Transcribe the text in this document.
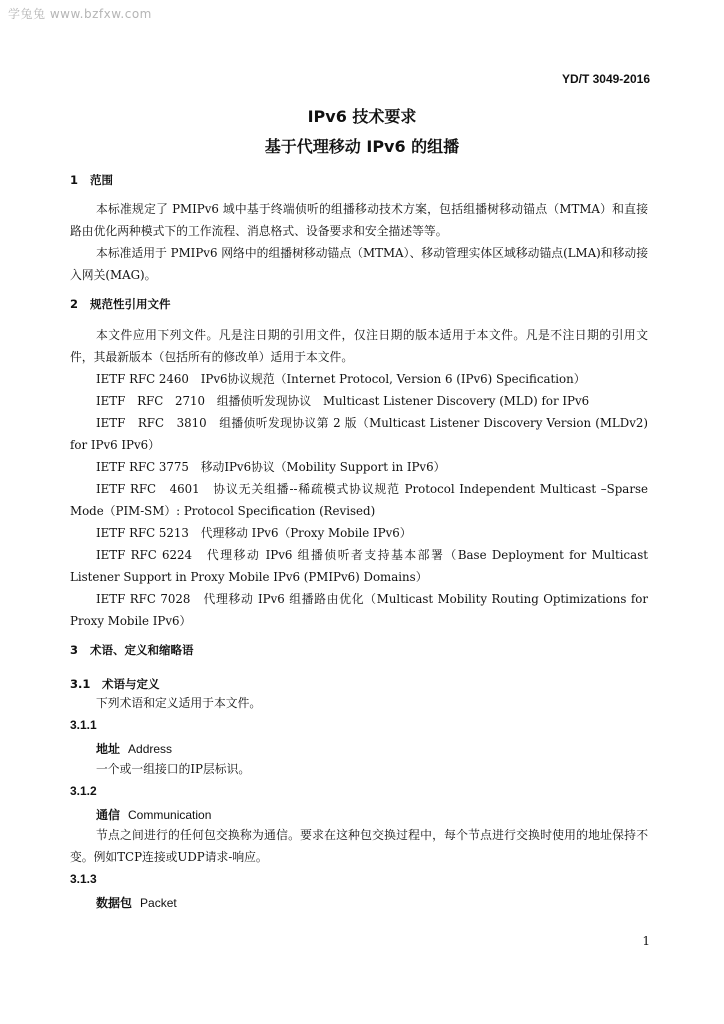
学兔兔 www.bzfxw.com
YD/T 3049-2016
IPv6 技术要求
基于代理移动 IPv6 的组播
1 范围
本标准规定了 PMIPv6 域中基于终端侦听的组播移动技术方案，包括组播树移动锚点（MTMA）和直接路由优化两种模式下的工作流程、消息格式、设备要求和安全描述等等。
本标准适用于 PMIPv6 网络中的组播树移动锚点（MTMA）、移动管理实体区域移动锚点(LMA)和移动接入网关(MAG)。
2 规范性引用文件
本文件应用下列文件。凡是注日期的引用文件，仅注日期的版本适用于本文件。凡是不注日期的引用文件，其最新版本（包括所有的修改单）适用于本文件。
IETF RFC 2460　IPv6协议规范（Internet Protocol, Version 6 (IPv6) Specification）
IETF　RFC　2710　组播侦听发现协议　Multicast Listener Discovery (MLD) for IPv6
IETF　RFC　3810　组播侦听发现协议第 2 版（Multicast Listener Discovery Version (MLDv2) for IPv6 IPv6）
IETF RFC 3775　移动IPv6协议（Mobility Support in IPv6）
IETF RFC　4601　协议无关组播--稀疏模式协议规范 Protocol Independent Multicast –Sparse Mode（PIM-SM）: Protocol Specification (Revised)
IETF RFC 5213　代理移动 IPv6（Proxy Mobile IPv6）
IETF RFC 6224　代理移动 IPv6 组播侦听者支持基本部署（Base Deployment for Multicast Listener Support in Proxy Mobile IPv6 (PMIPv6) Domains）
IETF RFC 7028　代理移动 IPv6 组播路由优化（Multicast Mobility Routing Optimizations for Proxy Mobile IPv6）
3 术语、定义和缩略语
3.1 术语与定义
下列术语和定义适用于本文件。
3.1.1
地址 Address
一个或一组接口的IP层标识。
3.1.2
通信 Communication
节点之间进行的任何包交换称为通信。要求在这种包交换过程中，每个节点进行交换时使用的地址保持不变。例如TCP连接或UDP请求-响应。
3.1.3
数据包 Packet
1
